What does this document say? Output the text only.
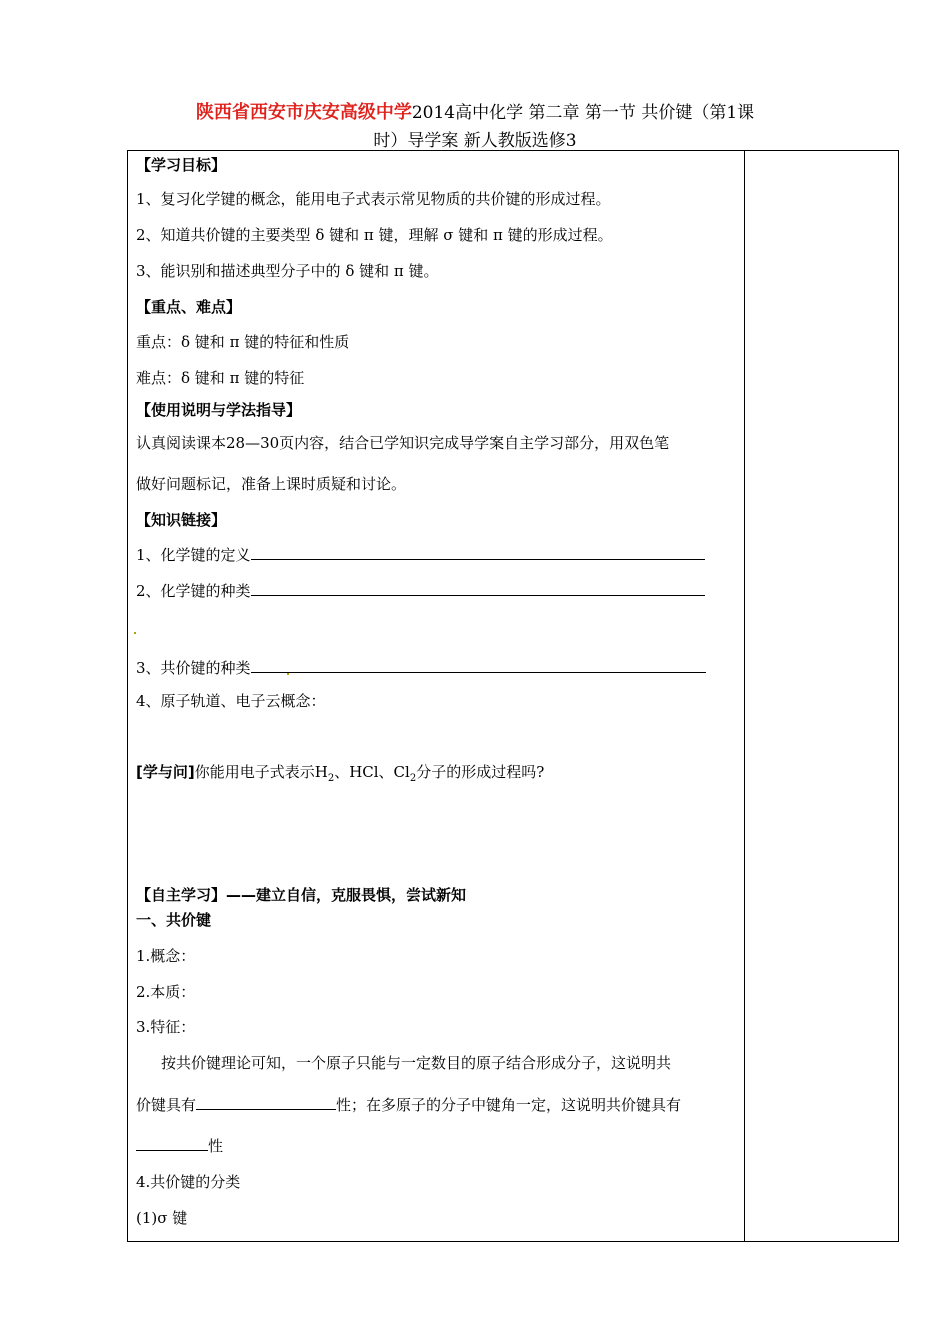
陕西省西安市庆安高级中学2014高中化学 第二章 第一节 共价键（第1课
时）导学案 新人教版选修3
【学习目标】
1、复习化学键的概念，能用电子式表示常见物质的共价键的形成过程。
2、知道共价键的主要类型 δ 键和 π 键，理解 σ 键和 π 键的形成过程。
3、能识别和描述典型分子中的 δ 键和 π 键。
【重点、难点】
重点：δ 键和 π 键的特征和性质
难点：δ 键和 π 键的特征
【使用说明与学法指导】
认真阅读课本28—30页内容，结合已学知识完成导学案自主学习部分，用双色笔
做好问题标记，准备上课时质疑和讨论。
【知识链接】
1、化学键的定义
2、化学键的种类
3、共价键的种类
4、原子轨道、电子云概念：
[学与问]你能用电子式表示$H_2$、HCl、$Cl_2$分子的形成过程吗?
【自主学习】——建立自信，克服畏惧，尝试新知
一、共价键
1.概念：
2.本质：
3.特征：
按共价键理论可知，一个原子只能与一定数目的原子结合形成分子，这说明共
价键具有	性；在多原子的分子中键角一定，这说明共价键具有
性
4.共价键的分类
(1)σ 键
